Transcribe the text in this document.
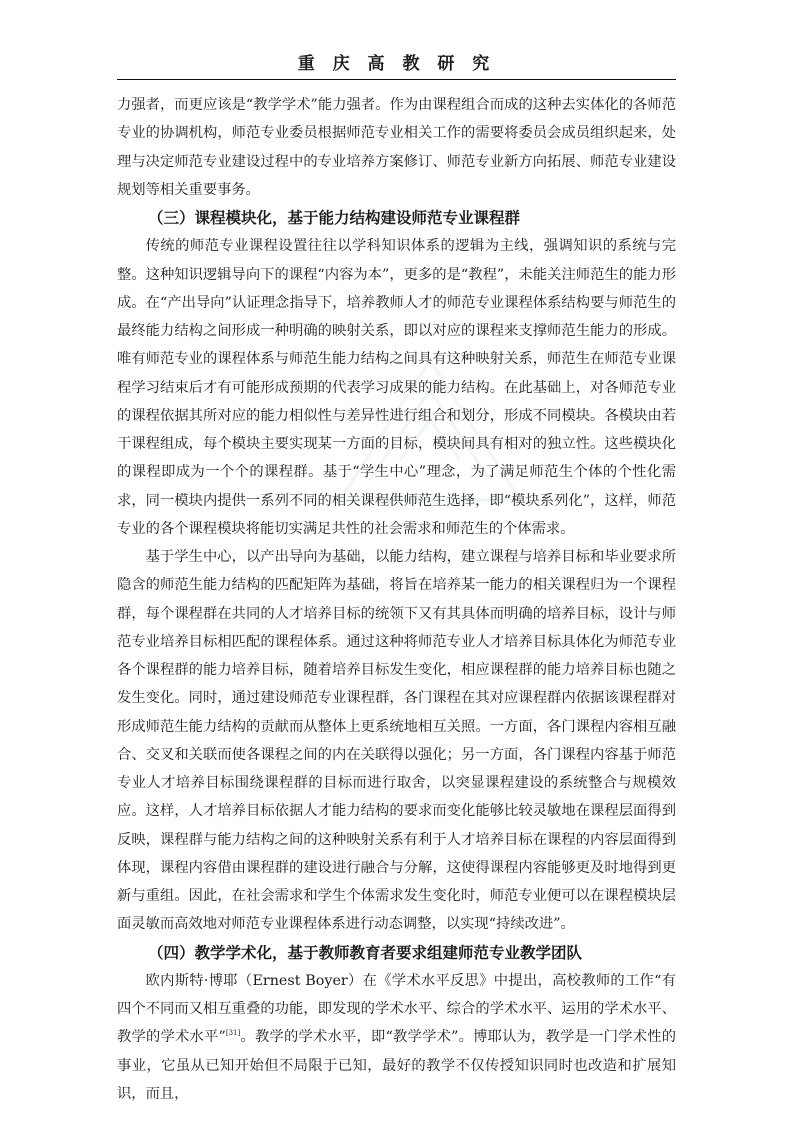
重 庆 高 教 研 究

力强者，而更应该是“教学学术”能力强者。作为由课程组合而成的这种去实体化的各师范专业的协调机构，师范专业委员根据师范专业相关工作的需要将委员会成员组织起来，处理与决定师范专业建设过程中的专业培养方案修订、师范专业新方向拓展、师范专业建设规划等相关重要事务。

（三）课程模块化，基于能力结构建设师范专业课程群

传统的师范专业课程设置往往以学科知识体系的逻辑为主线，强调知识的系统与完整。这种知识逻辑导向下的课程“内容为本”，更多的是“教程”，未能关注师范生的能力形成。在“产出导向”认证理念指导下，培养教师人才的师范专业课程体系结构要与师范生的最终能力结构之间形成一种明确的映射关系，即以对应的课程来支撑师范生能力的形成。唯有师范专业的课程体系与师范生能力结构之间具有这种映射关系，师范生在师范专业课程学习结束后才有可能形成预期的代表学习成果的能力结构。在此基础上，对各师范专业的课程依据其所对应的能力相似性与差异性进行组合和划分，形成不同模块。各模块由若干课程组成，每个模块主要实现某一方面的目标，模块间具有相对的独立性。这些模块化的课程即成为一个个的课程群。基于“学生中心”理念，为了满足师范生个体的个性化需求，同一模块内提供一系列不同的相关课程供师范生选择，即“模块系列化”，这样，师范专业的各个课程模块将能切实满足共性的社会需求和师范生的个体需求。

基于学生中心，以产出导向为基础，以能力结构，建立课程与培养目标和毕业要求所隐含的师范生能力结构的匹配矩阵为基础，将旨在培养某一能力的相关课程归为一个课程群，每个课程群在共同的人才培养目标的统领下又有其具体而明确的培养目标，设计与师范专业培养目标相匹配的课程体系。通过这种将师范专业人才培养目标具体化为师范专业各个课程群的能力培养目标，随着培养目标发生变化，相应课程群的能力培养目标也随之发生变化。同时，通过建设师范专业课程群，各门课程在其对应课程群内依据该课程群对形成师范生能力结构的贡献而从整体上更系统地相互关照。一方面，各门课程内容相互融合、交叉和关联而使各课程之间的内在关联得以强化；另一方面，各门课程内容基于师范专业人才培养目标围绕课程群的目标而进行取舍，以突显课程建设的系统整合与规模效应。这样，人才培养目标依据人才能力结构的要求而变化能够比较灵敏地在课程层面得到反映，课程群与能力结构之间的这种映射关系有利于人才培养目标在课程的内容层面得到体现，课程内容借由课程群的建设进行融合与分解，这使得课程内容能够更及时地得到更新与重组。因此，在社会需求和学生个体需求发生变化时，师范专业便可以在课程模块层面灵敏而高效地对师范专业课程体系进行动态调整，以实现“持续改进”。

（四）教学学术化，基于教师教育者要求组建师范专业教学团队

欧内斯特·博耶（Ernest Boyer）在《学术水平反思》中提出，高校教师的工作“有四个不同而又相互重叠的功能，即发现的学术水平、综合的学术水平、运用的学术水平、教学的学术水平”[31]。教学的学术水平，即“教学学术”。博耶认为，教学是一门学术性的事业，它虽从已知开始但不局限于已知，最好的教学不仅传授知识同时也改造和扩展知识，而且，
